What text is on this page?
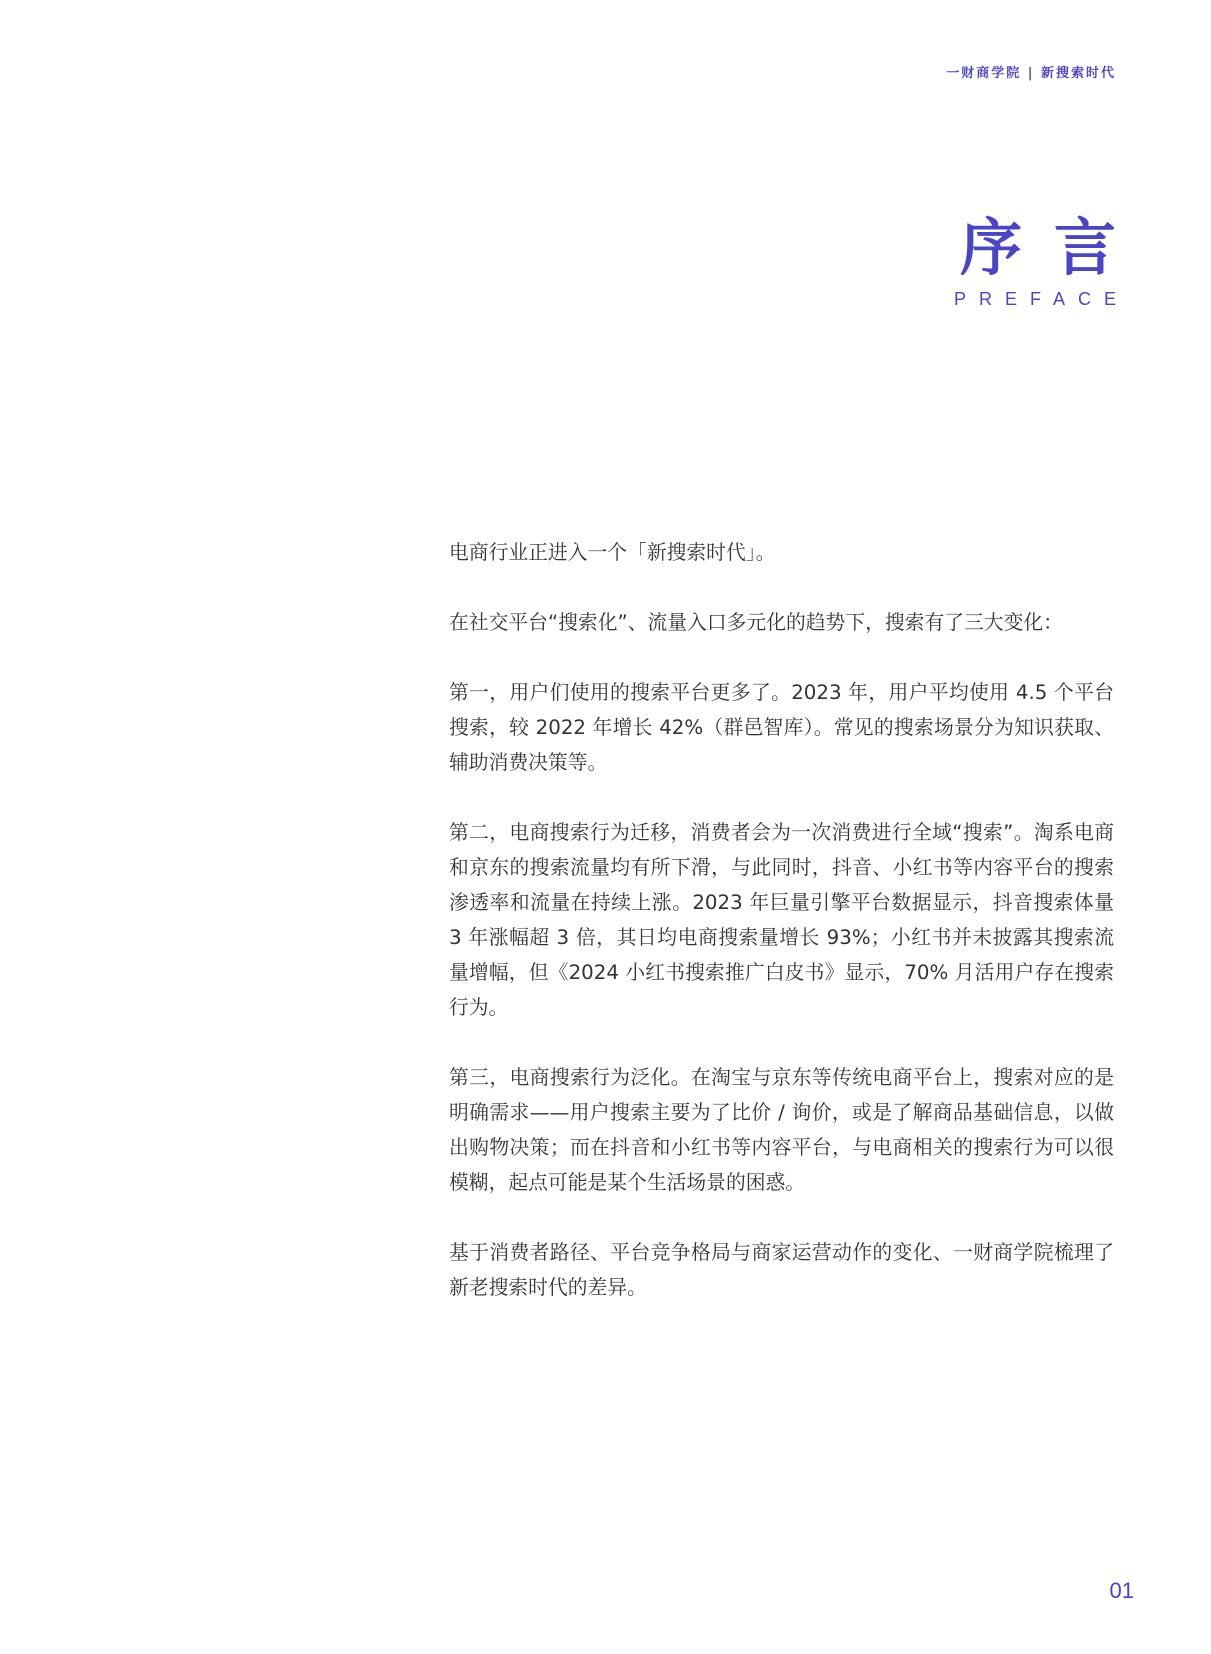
一财商学院 | 新搜索时代
序言
PREFACE

电商行业正进入一个「新搜索时代」。

在社交平台“搜索化”、流量入口多元化的趋势下，搜索有了三大变化：

第一，用户们使用的搜索平台更多了。2023 年，用户平均使用 4.5 个平台搜索，较 2022 年增长 42%（群邑智库）。常见的搜索场景分为知识获取、辅助消费决策等。

第二，电商搜索行为迁移，消费者会为一次消费进行全域“搜索”。淘系电商和京东的搜索流量均有所下滑，与此同时，抖音、小红书等内容平台的搜索渗透率和流量在持续上涨。2023 年巨量引擎平台数据显示，抖音搜索体量 3 年涨幅超 3 倍，其日均电商搜索量增长 93%；小红书并未披露其搜索流量增幅，但《2024 小红书搜索推广白皮书》显示，70% 月活用户存在搜索行为。

第三，电商搜索行为泛化。在淘宝与京东等传统电商平台上，搜索对应的是明确需求——用户搜索主要为了比价 / 询价，或是了解商品基础信息，以做出购物决策；而在抖音和小红书等内容平台，与电商相关的搜索行为可以很模糊，起点可能是某个生活场景的困惑。

基于消费者路径、平台竞争格局与商家运营动作的变化、一财商学院梳理了新老搜索时代的差异。

01
